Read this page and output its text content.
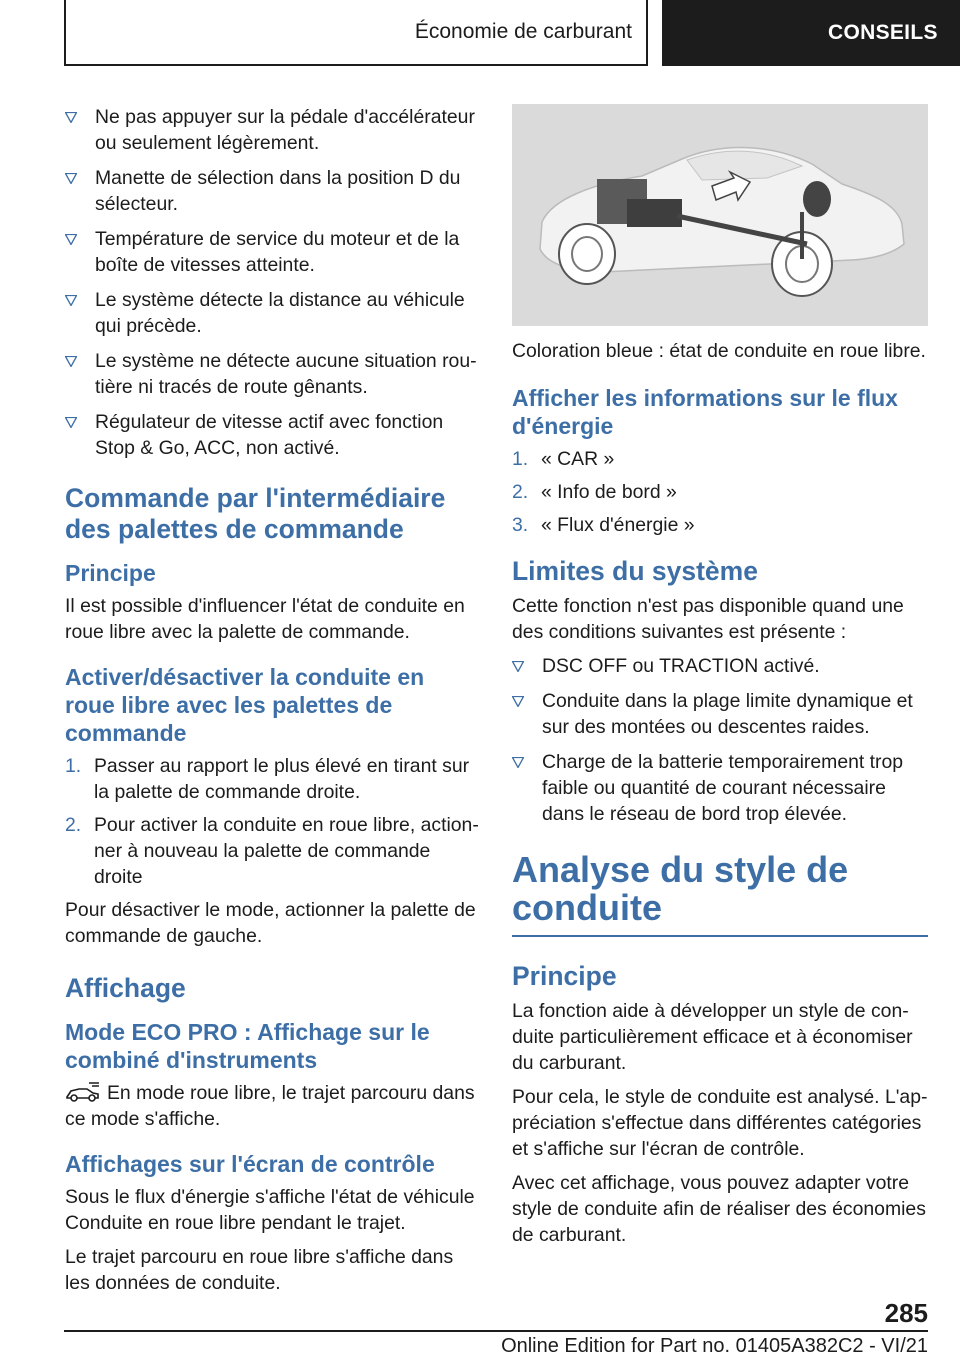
Économie de carburant	CONSEILS
Ne pas appuyer sur la pédale d'accélérateur ou seulement légèrement.
Manette de sélection dans la position D du sélecteur.
Température de service du moteur et de la boîte de vitesses atteinte.
Le système détecte la distance au véhicule qui précède.
Le système ne détecte aucune situation routière ni tracés de route gênants.
Régulateur de vitesse actif avec fonction Stop & Go, ACC, non activé.
Commande par l'intermédiaire des palettes de commande
Principe

Il est possible d'influencer l'état de conduite en roue libre avec la palette de commande.

Activer/désactiver la conduite en roue libre avec les palettes de commande
1. Passer au rapport le plus élevé en tirant sur la palette de commande droite.
2. Pour activer la conduite en roue libre, actionner à nouveau la palette de commande droite

Pour désactiver le mode, actionner la palette de commande de gauche.

Affichage
Mode ECO PRO : Affichage sur le combiné d'instruments

En mode roue libre, le trajet parcouru dans ce mode s'affiche.

Affichages sur l'écran de contrôle

Sous le flux d'énergie s'affiche l'état de véhicule Conduite en roue libre pendant le trajet.

Le trajet parcouru en roue libre s'affiche dans les données de conduite.

Coloration bleue : état de conduite en roue libre.

Afficher les informations sur le flux d'énergie
1. « CAR »
2. « Info de bord »
3. « Flux d'énergie »
Limites du système

Cette fonction n'est pas disponible quand une des conditions suivantes est présente :

DSC OFF ou TRACTION activé.
Conduite dans la plage limite dynamique et sur des montées ou descentes raides.
Charge de la batterie temporairement trop faible ou quantité de courant nécessaire dans le réseau de bord trop élevée.
Analyse du style de conduite
Principe

La fonction aide à développer un style de conduite particulièrement efficace et à économiser du carburant.

Pour cela, le style de conduite est analysé. L'appréciation s'effectue dans différentes catégories et s'affiche sur l'écran de contrôle.

Avec cet affichage, vous pouvez adapter votre style de conduite afin de réaliser des économies de carburant.

285
Online Edition for Part no. 01405A382C2 - VI/21
